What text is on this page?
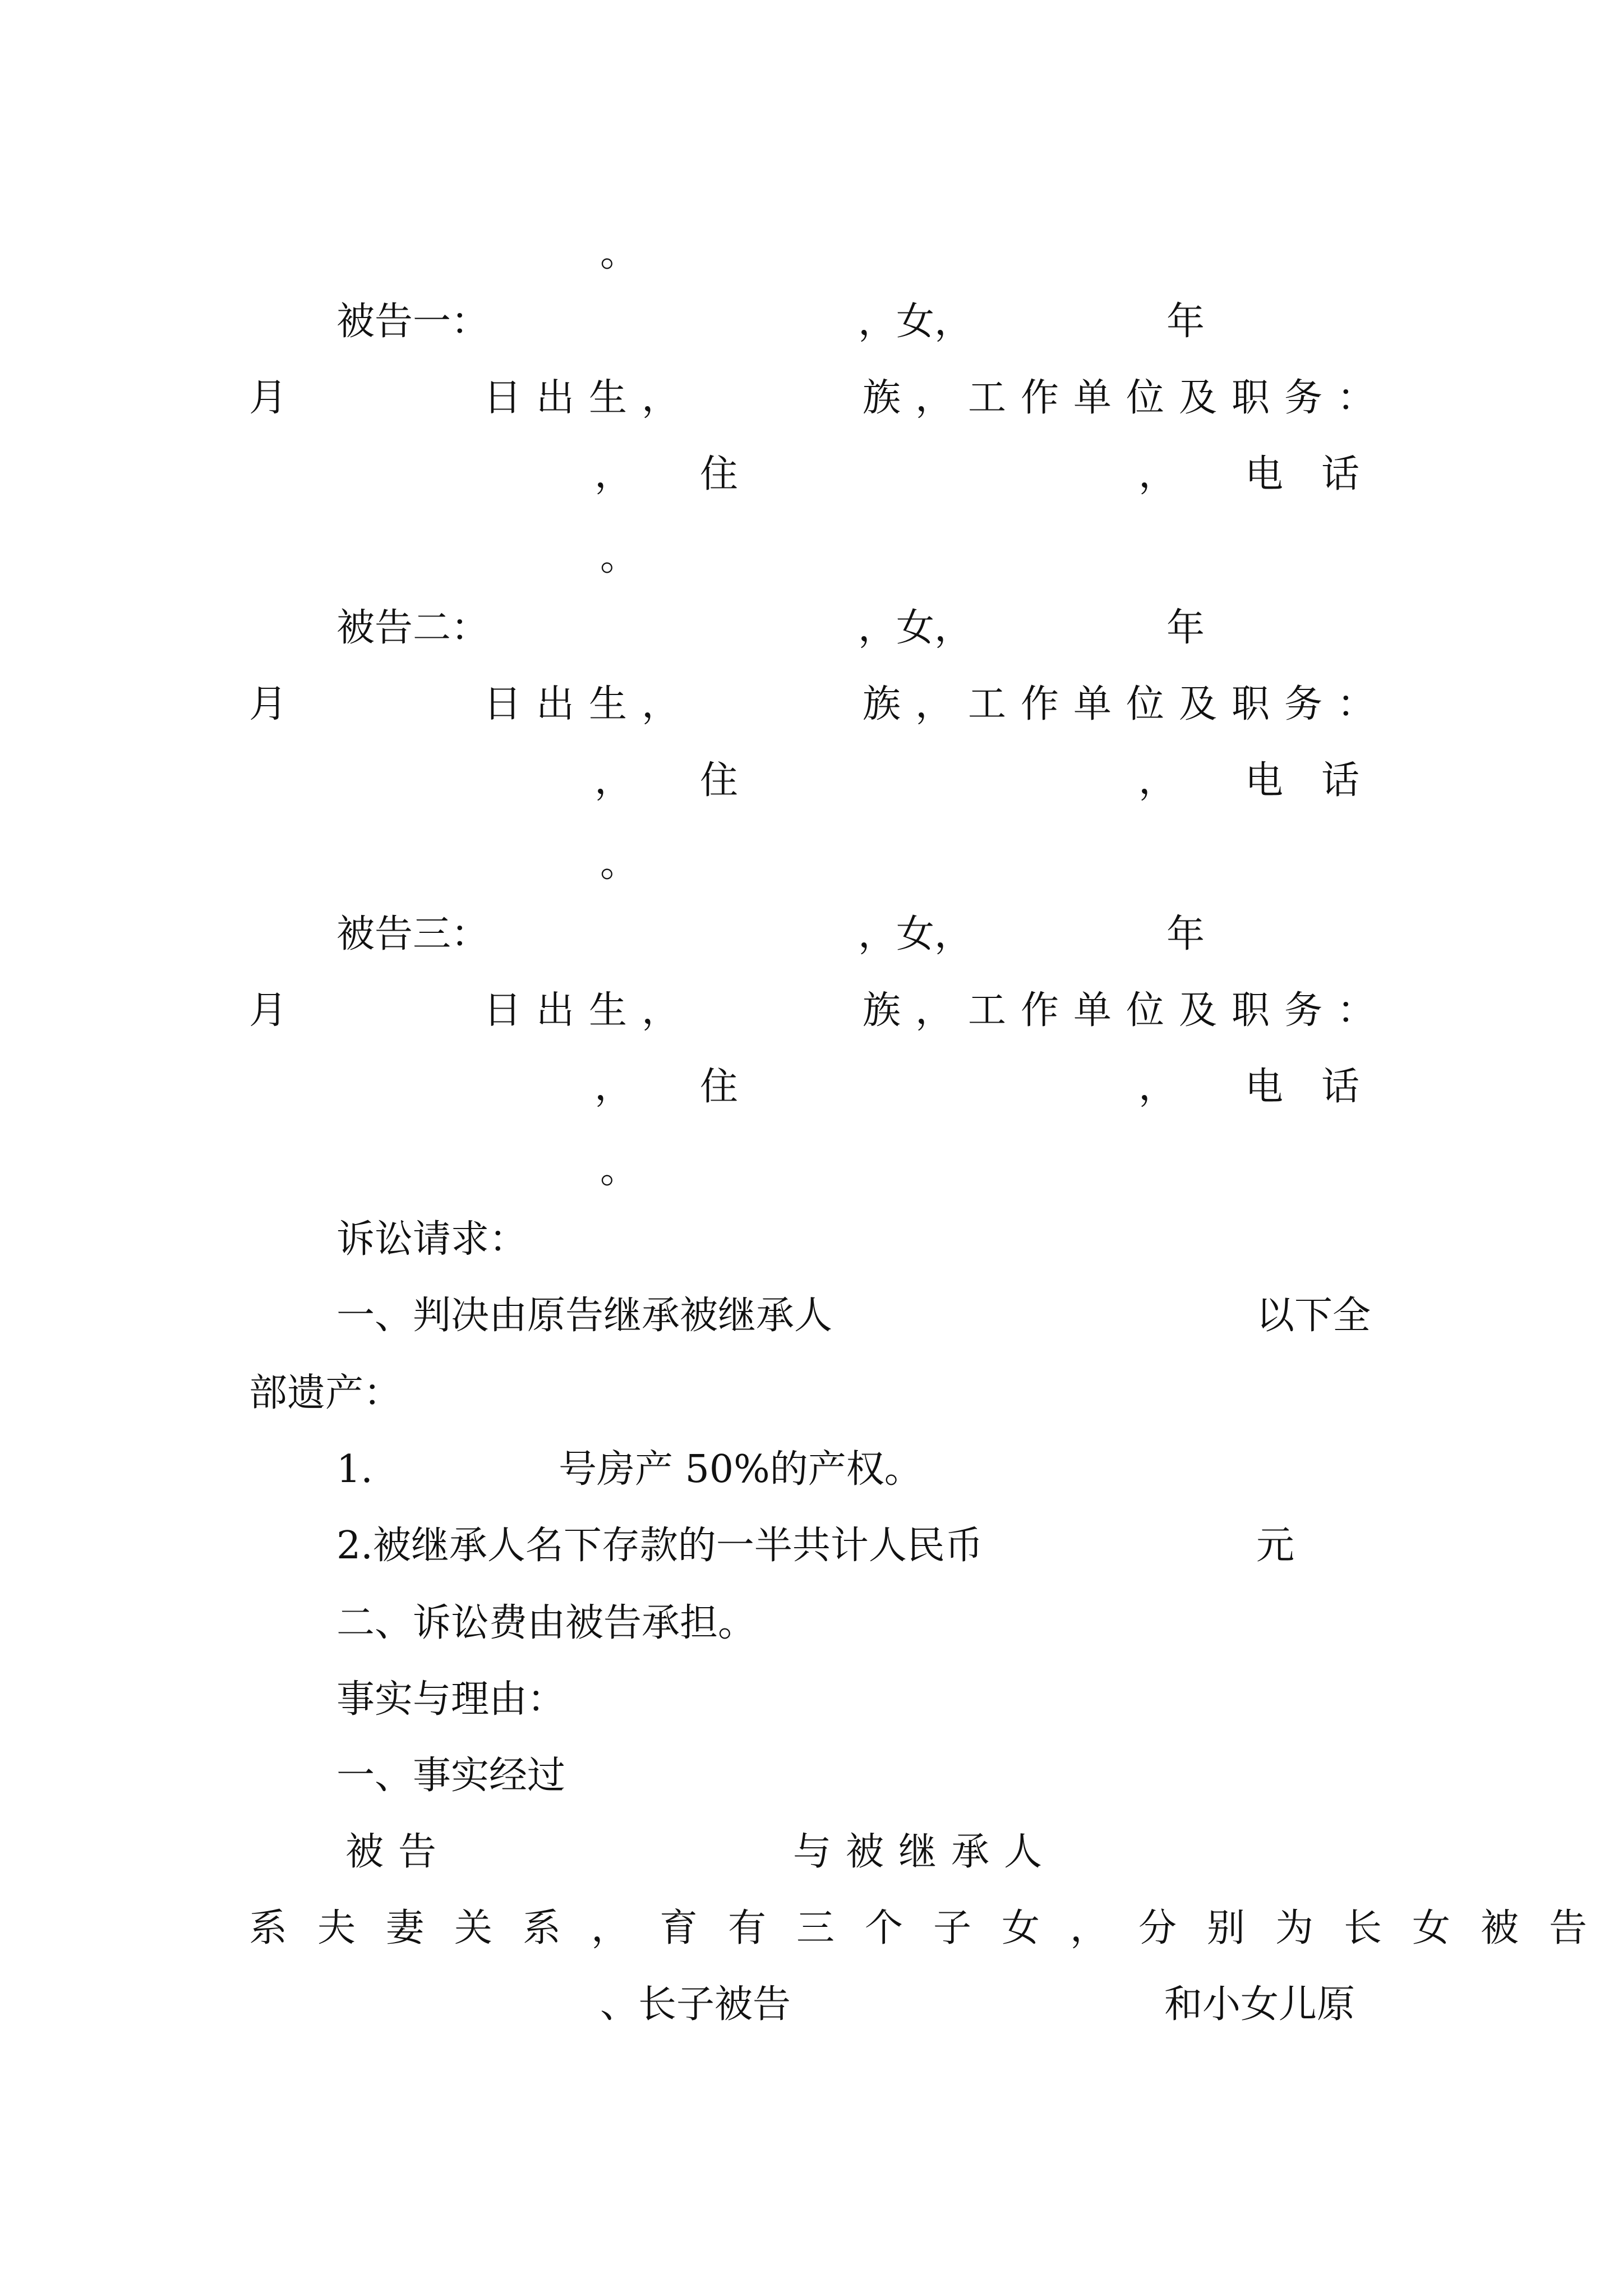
。
被告一：	，女，	年
月	日出生，	族，工作单位及职务：
， 住	， 电　话
。
被告二：	，女，	年
月	日出生，	族，工作单位及职务：
， 住	， 电　话
。
被告三：	，女，	年
月	日出生，	族，工作单位及职务：
， 住	， 电　话
。
诉讼请求：
一、判决由原告继承被继承人	以下全
部遗产：
1.	号房产 50%的产权。
2.被继承人名下存款的一半共计人民币	元
二、诉讼费由被告承担。
事实与理由：
一、事实经过
被告	与被继承人
系夫妻关系，育有三个子女，分别为长女被告
、长子被告	和小女儿原
